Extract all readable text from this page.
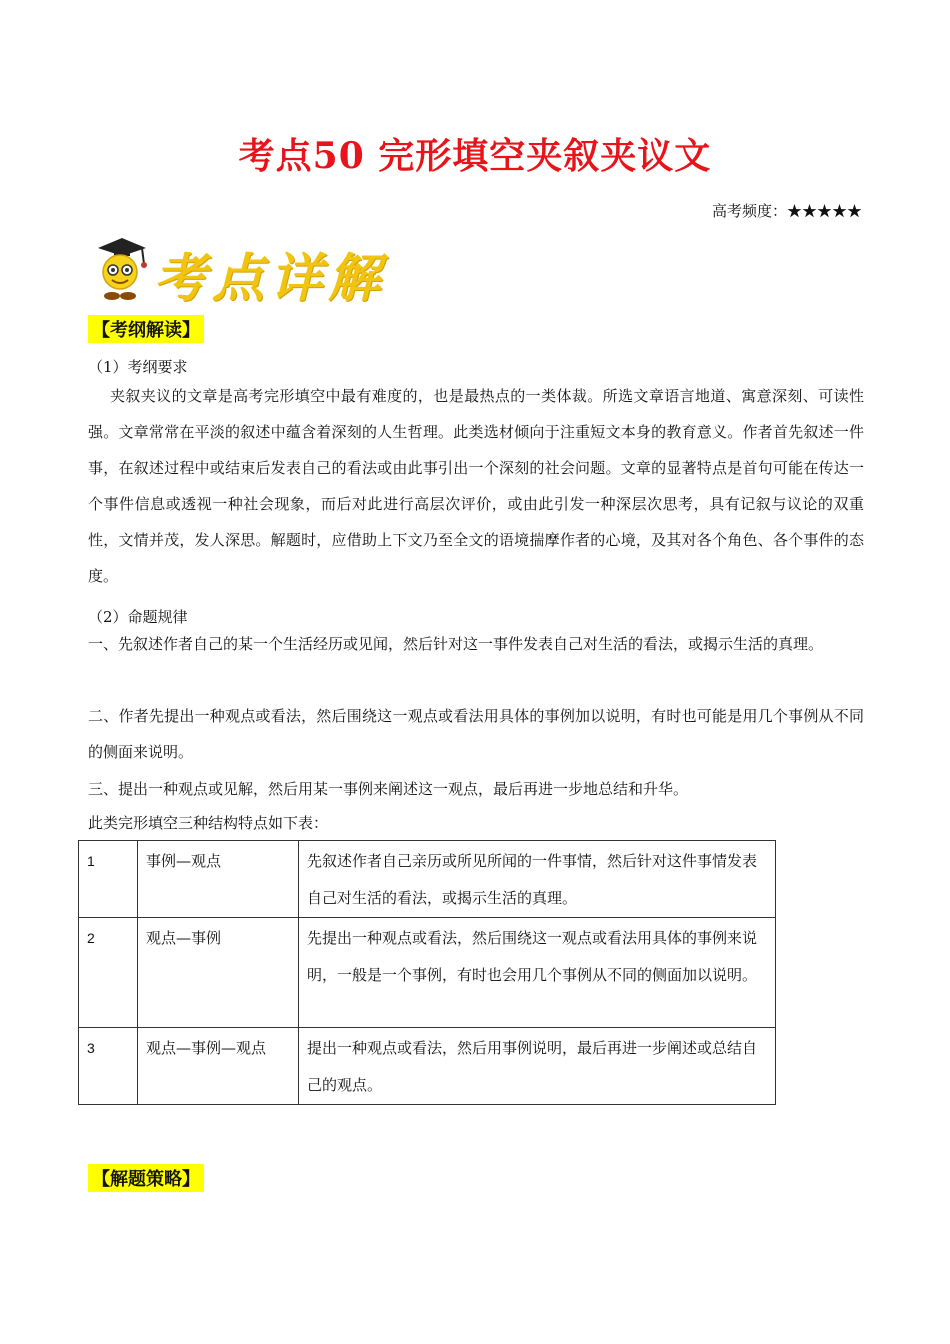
考点50 完形填空夹叙夹议文
高考频度：★★★★★
考点详解
【考纲解读】
（1）考纲要求
夹叙夹议的文章是高考完形填空中最有难度的，也是最热点的一类体裁。所选文章语言地道、寓意深刻、可读性强。文章常常在平淡的叙述中蕴含着深刻的人生哲理。此类选材倾向于注重短文本身的教育意义。作者首先叙述一件事，在叙述过程中或结束后发表自己的看法或由此事引出一个深刻的社会问题。文章的显著特点是首句可能在传达一个事件信息或透视一种社会现象，而后对此进行高层次评价，或由此引发一种深层次思考，具有记叙与议论的双重性，文情并茂，发人深思。解题时，应借助上下文乃至全文的语境揣摩作者的心境，及其对各个角色、各个事件的态度。
（2）命题规律
一、先叙述作者自己的某一个生活经历或见闻，然后针对这一事件发表自己对生活的看法，或揭示生活的真理。
二、作者先提出一种观点或看法，然后围绕这一观点或看法用具体的事例加以说明，有时也可能是用几个事例从不同的侧面来说明。
三、提出一种观点或见解，然后用某一事例来阐述这一观点，最后再进一步地总结和升华。
此类完形填空三种结构特点如下表：
1	事例—观点	先叙述作者自己亲历或所见所闻的一件事情，然后针对这件事情发表自己对生活的看法，或揭示生活的真理。
2	观点—事例	先提出一种观点或看法，然后围绕这一观点或看法用具体的事例来说明，一般是一个事例，有时也会用几个事例从不同的侧面加以说明。
3	观点—事例—观点	提出一种观点或看法，然后用事例说明，最后再进一步阐述或总结自己的观点。
【解题策略】
